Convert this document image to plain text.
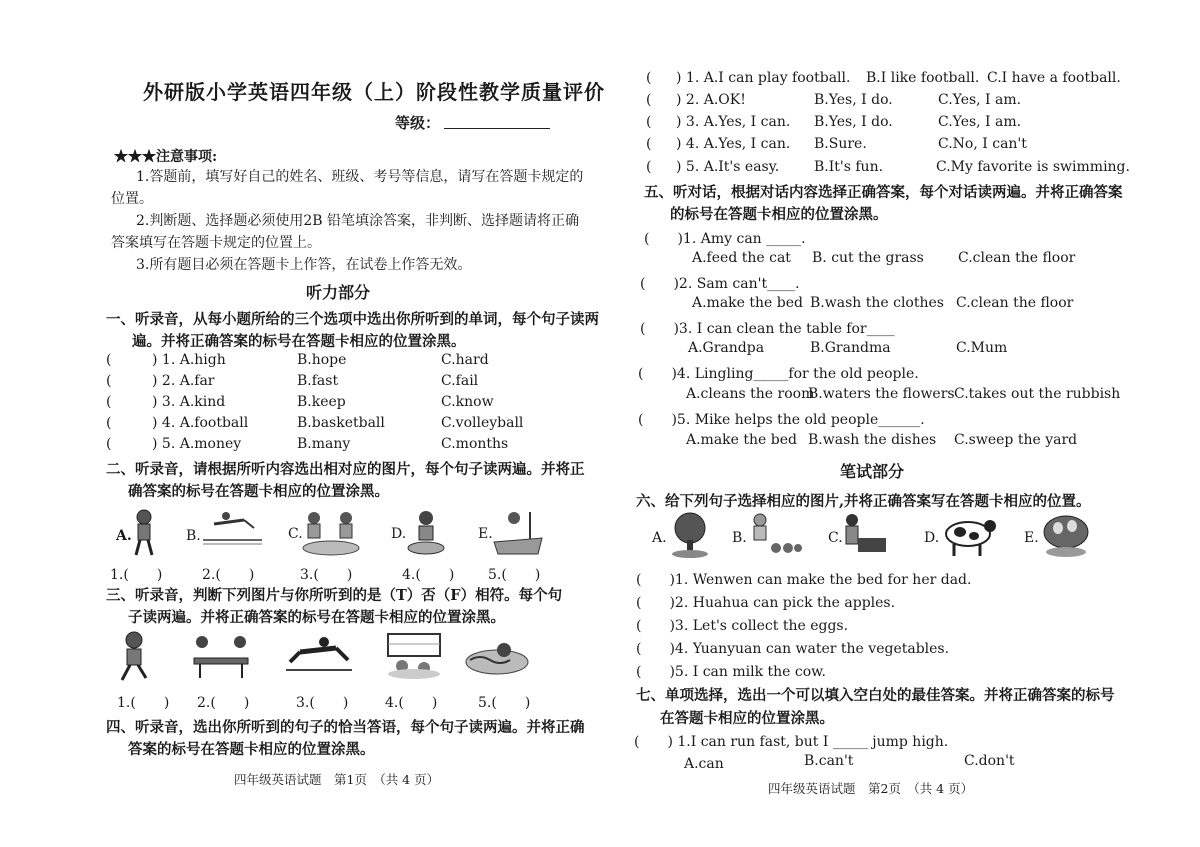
外研版小学英语四年级（上）阶段性教学质量评价
等级：
★★★注意事项:
1.答题前，填写好自己的姓名、班级、考号等信息，请写在答题卡规定的
位置。
2.判断题、选择题必须使用2B 铅笔填涂答案，非判断、选择题请将正确
答案填写在答题卡规定的位置上。
3.所有题目必须在答题卡上作答，在试卷上作答无效。
听力部分
一、听录音，从每小题所给的三个选项中选出你所听到的单词，每个句子读两
遍。并将正确答案的标号在答题卡相应的位置涂黑。
(	) 1. A.high	B.hope	C.hard
(	) 2. A.far	B.fast	C.fail
(	) 3. A.kind	B.keep	C.know
(	) 4. A.football	B.basketball	C.volleyball
(	) 5. A.money	B.many	C.months
二、听录音，请根据所听内容选出相对应的图片，每个句子读两遍。并将正
确答案的标号在答题卡相应的位置涂黑。
A.	B.	C.	D.	E.
1.(　　)	2.(　　)	3.(　　)	4.(　　) 5.(　　)
三、听录音，判断下列图片与你所听到的是（T）否（F）相符。每个句
子读两遍。并将正确答案的标号在答题卡相应的位置涂黑。
1.(　　) 2.(　　)	3.(　　)	4.(　　)	5.(　　)
四、听录音，选出你所听到的句子的恰当答语，每个句子读两遍。并将正确
答案的标号在答题卡相应的位置涂黑。
四年级英语试题　第1页　（共 4 页）
( ) 1. A.I can play football. B.I like football. C.I have a football.
( ) 2. A.OK!	B.Yes, I do.	C.Yes, I am.
( ) 3. A.Yes, I can. B.Yes, I do.	C.Yes, I am.
( ) 4. A.Yes, I can. B.Sure.	C.No, I can't
( ) 5. A.It's easy. B.It's fun.	C.My favorite is swimming.
五、听对话，根据对话内容选择正确答案，每个对话读两遍。并将正确答案
的标号在答题卡相应的位置涂黑。
(　　)1. Amy can _____.
A.feed the cat B. cut the grass C.clean the floor
(　　)2. Sam can't____.
A.make the bed B.wash the clothes C.clean the floor
(　　)3. I can clean the table for____
A.Grandpa	B.Grandma	C.Mum
(　　)4. Lingling_____for the old people.
A.cleans the room
B.waters the flowers C.takes out the rubbish
(　　)5. Mike helps the old people______.
A.make the bed B.wash the dishes C.sweep the yard
笔试部分
六、给下列句子选择相应的图片,并将正确答案写在答题卡相应的位置。
A.	B.	C.	D.	E.
(　　)1. Wenwen can make the bed for her dad.
(　　)2. Huahua can pick the apples.
(　　)3. Let's collect the eggs.
(　　)4. Yuanyuan can water the vegetables.
(　　)5. I can milk the cow.
七、单项选择，选出一个可以填入空白处的最佳答案。并将正确答案的标号
在答题卡相应的位置涂黑。
(　　) 1.I can run fast, but I _____ jump high.
A.can	B.can't	C.don't
四年级英语试题　第2页　（共 4 页）
